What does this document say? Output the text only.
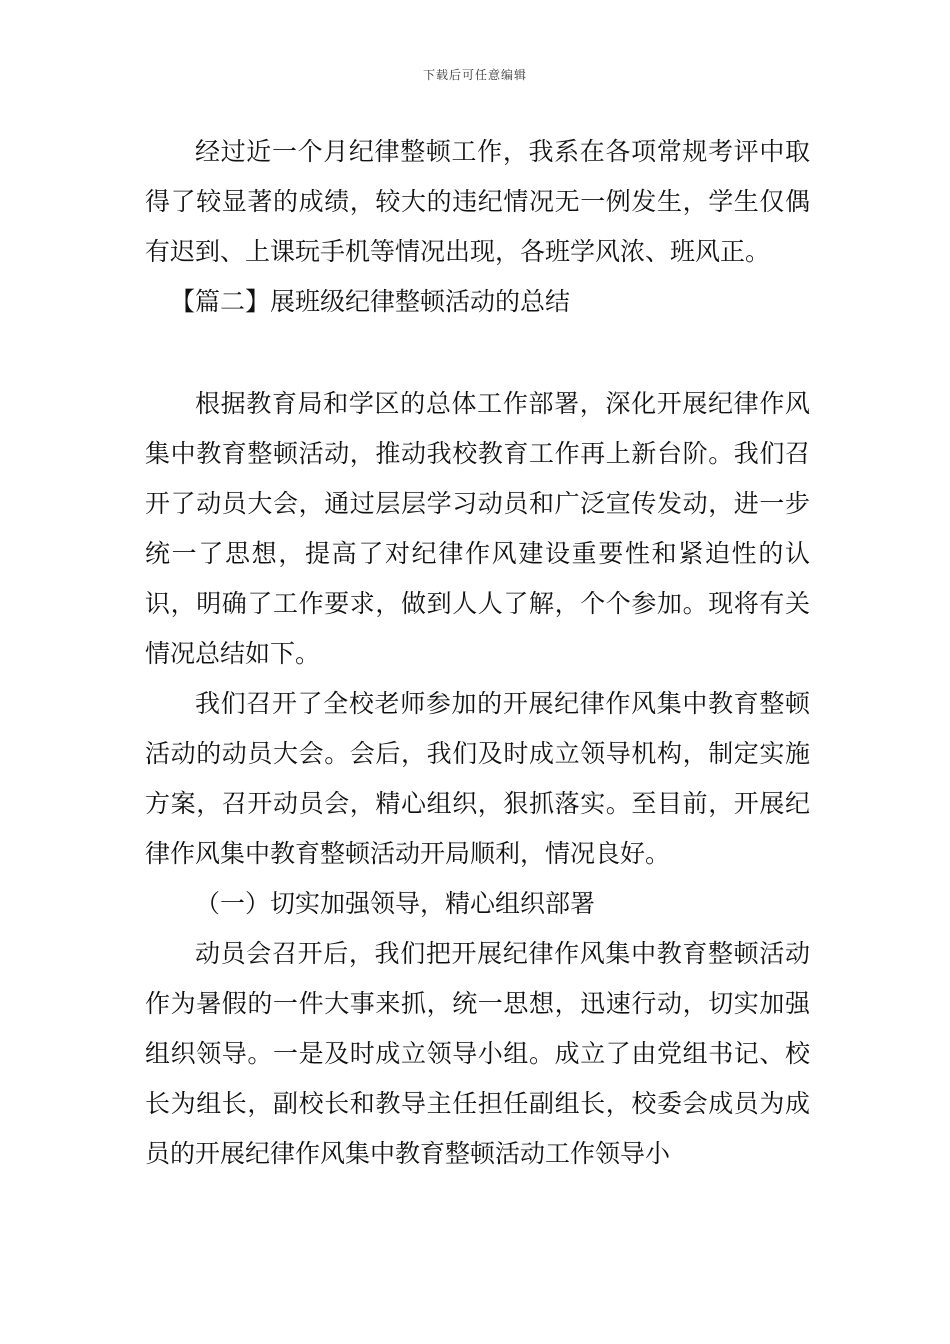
下载后可任意编辑

经过近一个月纪律整顿工作，我系在各项常规考评中取得了较显著的成绩，较大的违纪情况无一例发生，学生仅偶有迟到、上课玩手机等情况出现，各班学风浓、班风正。

【篇二】展班级纪律整顿活动的总结

根据教育局和学区的总体工作部署，深化开展纪律作风集中教育整顿活动，推动我校教育工作再上新台阶。我们召开了动员大会，通过层层学习动员和广泛宣传发动，进一步统一了思想，提高了对纪律作风建设重要性和紧迫性的认识，明确了工作要求，做到人人了解，个个参加。现将有关情况总结如下。

我们召开了全校老师参加的开展纪律作风集中教育整顿活动的动员大会。会后，我们及时成立领导机构，制定实施方案，召开动员会，精心组织，狠抓落实。至目前，开展纪律作风集中教育整顿活动开局顺利，情况良好。

（一）切实加强领导，精心组织部署

动员会召开后，我们把开展纪律作风集中教育整顿活动作为暑假的一件大事来抓，统一思想，迅速行动，切实加强组织领导。一是及时成立领导小组。成立了由党组书记、校长为组长，副校长和教导主任担任副组长，校委会成员为成员的开展纪律作风集中教育整顿活动工作领导小
